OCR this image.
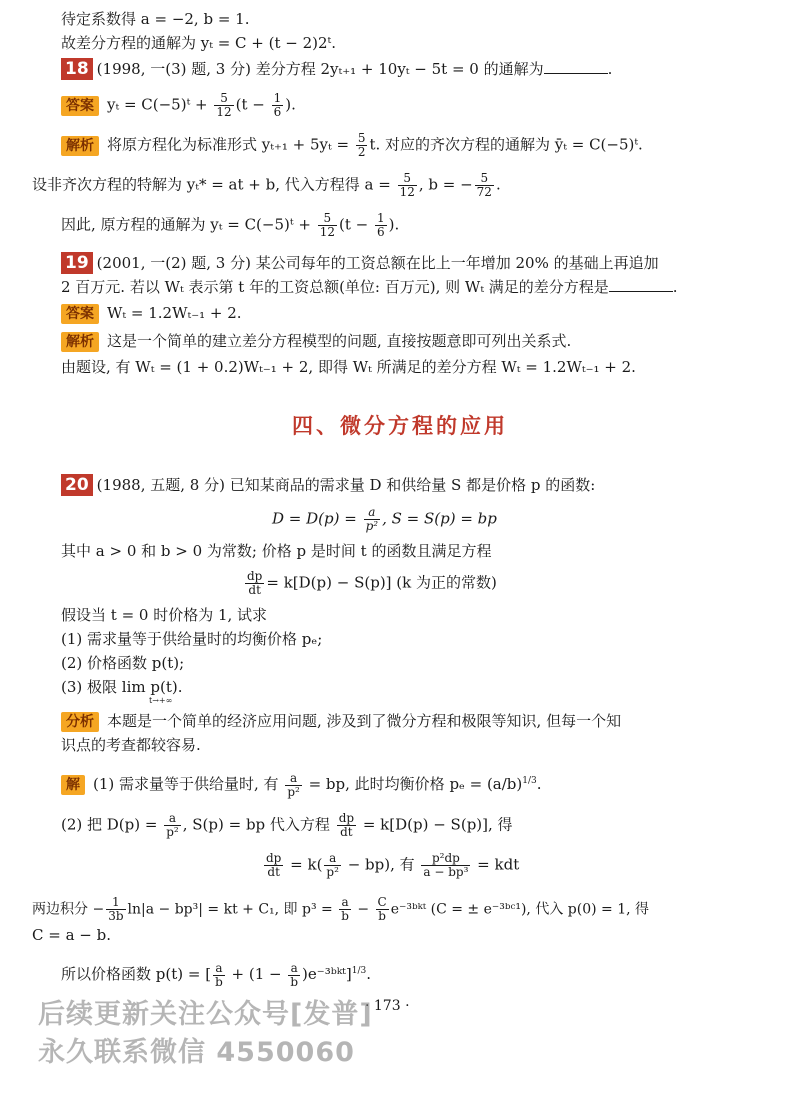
待定系数得 a = −2, b = 1.
故差分方程的通解为 yₜ = C + (t − 2)2ᵗ.
18 (1998, 一(3) 题, 3 分) 差分方程 2yₜ₊₁ + 10yₜ − 5t = 0 的通解为	.
答案 yₜ = C(−5)ᵗ + $\frac{5}{12} (t - \frac{1}{6}$ ).
解析 将原方程化为标准形式 $y_{t+1} + 5y_t = \frac{5}{2} t$. 对应的齐次方程的通解为 ȳₜ = C(−5)ᵗ.
设非齐次方程的特解为 yₜ* = at + b, 代入方程得 $a = \frac{5}{12}$ , b = − $\frac{5}{72}$ .
因此, 原方程的通解为 yₜ = C(−5)ᵗ + $\frac{5}{12} (t - \frac{1}{6}$ ).
19 (2001, 一(2) 题, 3 分) 某公司每年的工资总额在比上一年增加 20% 的基础上再追加
2 百万元. 若以 Wₜ 表示第 t 年的工资总额(单位: 百万元), 则 Wₜ 满足的差分方程是	.
答案 Wₜ = 1.2Wₜ₋₁ + 2.
解析 这是一个简单的建立差分方程模型的问题, 直接按题意即可列出关系式.
由题设, 有 Wₜ = (1 + 0.2)Wₜ₋₁ + 2, 即得 Wₜ 所满足的差分方程 Wₜ = 1.2Wₜ₋₁ + 2.
四、微分方程的应用
20 (1988, 五题, 8 分) 已知某商品的需求量 D 和供给量 S 都是价格 p 的函数:
$D = D(p) = \frac{a}{\text{p²}}$ , S = S(p) = bp
其中 a > 0 和 b > 0 为常数; 价格 p 是时间 t 的函数且满足方程
$\frac{dp}{dt} = k[D(p) - S(p)]$ (k 为正的常数)
假设当 t = 0 时价格为 1, 试求
(1) 需求量等于供给量时的均衡价格 pₑ;
(2) 价格函数 p(t);
(3) 极限 lim p(t).
t→+∞
分析 本题是一个简单的经济应用问题, 涉及到了微分方程和极限等知识, 但每一个知
识点的考查都较容易.
解 (1) 需求量等于供给量时, 有 $\frac{a}{\text{p²}}$ = bp, 此时均衡价格 $p_e = (a/b)^{1/3}$.
(2) 把 $D(p) = \frac{a}{\text{p²}}$ , S(p) = bp 代入方程 $\frac{dp}{dt} = k[D(p) - S(p)]$, 得
$\frac{dp}{dt} = k( \frac{a}{\text{p²}} - bp)$, 有 $\frac{\text{p²dp}}{\text{a − bp³}}$ = kdt
两边积分 − $\frac{1}{3b} \ln|a - bp^3|$ = kt + C₁, 即 $p^3 = \frac{a}{b} - \frac{C}{b}$ e⁻³ᵇᵏᵗ (C = ± e⁻³ᵇᶜ¹), 代入 p(0) = 1, 得
C = a − b.
所以价格函数 p(t) = [ $\frac{a}{b} + (1 - \frac{a}{b}$ )e⁻³ᵇᵏᵗ]$^{1/3}$.
· 173 ·
后续更新关注公众号[发普]
永久联系微信 4550060
